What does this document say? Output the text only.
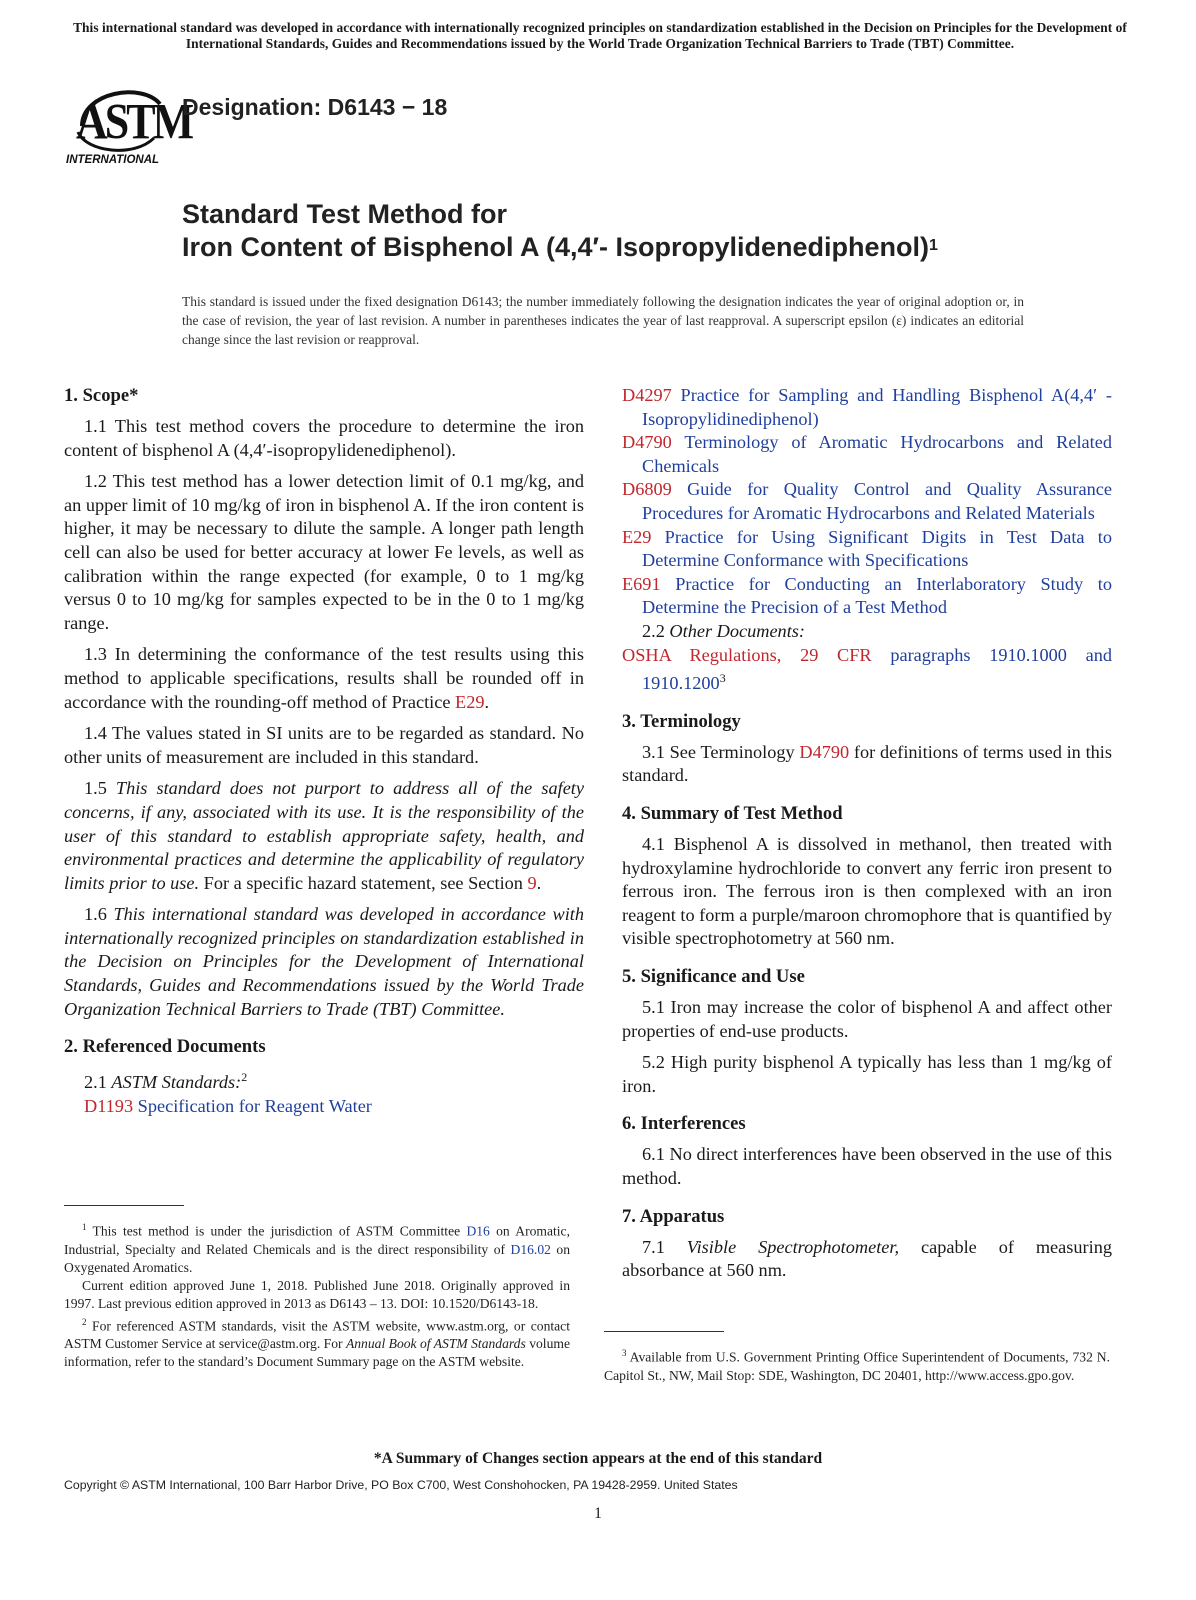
This international standard was developed in accordance with internationally recognized principles on standardization established in the Decision on Principles for the Development of International Standards, Guides and Recommendations issued by the World Trade Organization Technical Barriers to Trade (TBT) Committee.
ASTM
INTERNATIONAL
Designation: D6143 − 18
Standard Test Method for
Iron Content of Bisphenol A (4,4′- Isopropylidenediphenol)$^1$
This standard is issued under the fixed designation D6143; the number immediately following the designation indicates the year of original adoption or, in the case of revision, the year of last revision. A number in parentheses indicates the year of last reapproval. A superscript epsilon (ε) indicates an editorial change since the last revision or reapproval.
1. Scope*

1.1 This test method covers the procedure to determine the iron content of bisphenol A (4,4′-isopropylidenediphenol).

1.2 This test method has a lower detection limit of 0.1 mg/kg, and an upper limit of 10 mg/kg of iron in bisphenol A. If the iron content is higher, it may be necessary to dilute the sample. A longer path length cell can also be used for better accuracy at lower Fe levels, as well as calibration within the range expected (for example, 0 to 1 mg/kg versus 0 to 10 mg/kg for samples expected to be in the 0 to 1 mg/kg range.

1.3 In determining the conformance of the test results using this method to applicable specifications, results shall be rounded off in accordance with the rounding-off method of Practice E29.

1.4 The values stated in SI units are to be regarded as standard. No other units of measurement are included in this standard.

1.5 This standard does not purport to address all of the safety concerns, if any, associated with its use. It is the responsibility of the user of this standard to establish appropriate safety, health, and environmental practices and determine the applicability of regulatory limits prior to use. For a specific hazard statement, see Section 9.

1.6 This international standard was developed in accordance with internationally recognized principles on standardization established in the Decision on Principles for the Development of International Standards, Guides and Recommendations issued by the World Trade Organization Technical Barriers to Trade (TBT) Committee.

2. Referenced Documents

2.1 ASTM Standards:$^2$

D1193 Specification for Reagent Water

$^1$ This test method is under the jurisdiction of ASTM Committee D16 on Aromatic, Industrial, Specialty and Related Chemicals and is the direct responsibility of D16.02 on Oxygenated Aromatics.

Current edition approved June 1, 2018. Published June 2018. Originally approved in 1997. Last previous edition approved in 2013 as D6143 – 13. DOI: 10.1520/D6143-18.

$^2$ For referenced ASTM standards, visit the ASTM website, www.astm.org, or contact ASTM Customer Service at service@astm.org. For Annual Book of ASTM Standards volume information, refer to the standard’s Document Summary page on the ASTM website.

D4297 Practice for Sampling and Handling Bisphenol A(4,4′ -Isopropylidinediphenol)
D4790 Terminology of Aromatic Hydrocarbons and Related Chemicals
D6809 Guide for Quality Control and Quality Assurance Procedures for Aromatic Hydrocarbons and Related Materials
E29 Practice for Using Significant Digits in Test Data to Determine Conformance with Specifications
E691 Practice for Conducting an Interlaboratory Study to Determine the Precision of a Test Method

2.2 Other Documents:

OSHA Regulations, 29 CFR paragraphs 1910.1000 and 1910.1200$^3$
3. Terminology

3.1 See Terminology D4790 for definitions of terms used in this standard.

4. Summary of Test Method

4.1 Bisphenol A is dissolved in methanol, then treated with hydroxylamine hydrochloride to convert any ferric iron present to ferrous iron. The ferrous iron is then complexed with an iron reagent to form a purple/maroon chromophore that is quantified by visible spectrophotometry at 560 nm.

5. Significance and Use

5.1 Iron may increase the color of bisphenol A and affect other properties of end-use products.

5.2 High purity bisphenol A typically has less than 1 mg/kg of iron.

6. Interferences

6.1 No direct interferences have been observed in the use of this method.

7. Apparatus

7.1 Visible Spectrophotometer, capable of measuring absorbance at 560 nm.

$^3$ Available from U.S. Government Printing Office Superintendent of Documents, 732 N. Capitol St., NW, Mail Stop: SDE, Washington, DC 20401, http://www.access.gpo.gov.

*A Summary of Changes section appears at the end of this standard
Copyright © ASTM International, 100 Barr Harbor Drive, PO Box C700, West Conshohocken, PA 19428-2959. United States
1
